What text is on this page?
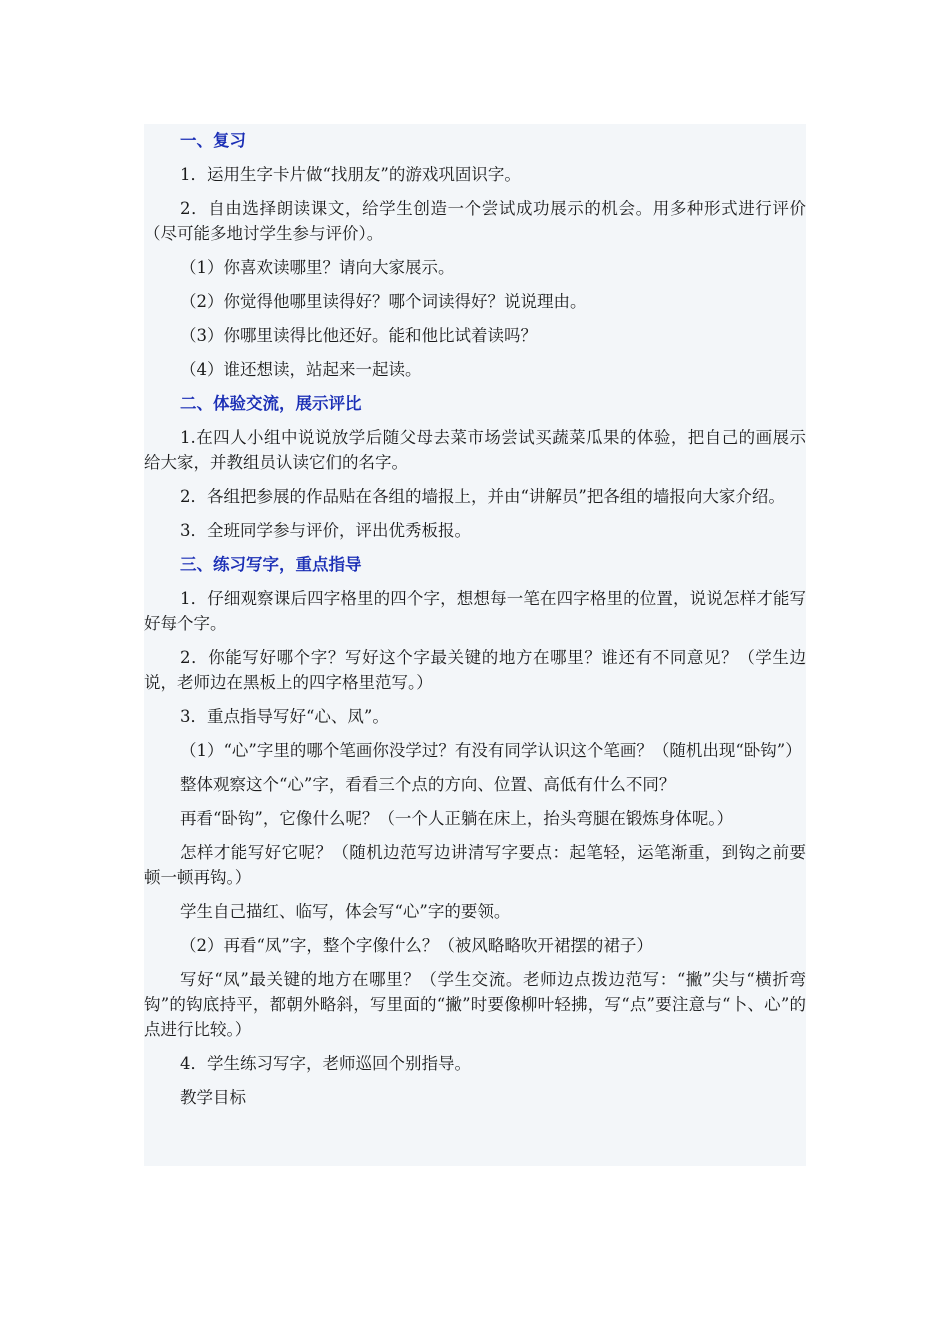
一、复习

1．运用生字卡片做“找朋友”的游戏巩固识字。

2．自由选择朗读课文，给学生创造一个尝试成功展示的机会。用多种形式进行评价（尽可能多地讨学生参与评价）。

（1）你喜欢读哪里？请向大家展示。

（2）你觉得他哪里读得好？哪个词读得好？说说理由。

（3）你哪里读得比他还好。能和他比试着读吗？

（4）谁还想读，站起来一起读。

二、体验交流，展示评比

1.在四人小组中说说放学后随父母去菜市场尝试买蔬菜瓜果的体验，把自己的画展示给大家，并教组员认读它们的名字。

2．各组把参展的作品贴在各组的墙报上，并由“讲解员”把各组的墙报向大家介绍。

3．全班同学参与评价，评出优秀板报。

三、练习写字，重点指导

1．仔细观察课后四字格里的四个字，想想每一笔在四字格里的位置，说说怎样才能写好每个字。

2．你能写好哪个字？写好这个字最关键的地方在哪里？谁还有不同意见？（学生边说，老师边在黑板上的四字格里范写。）

3．重点指导写好“心、凤”。

（1）“心”字里的哪个笔画你没学过？有没有同学认识这个笔画？（随机出现“卧钩”）

整体观察这个“心”字，看看三个点的方向、位置、高低有什么不同？

再看“卧钩”，它像什么呢？（一个人正躺在床上，抬头弯腿在锻炼身体呢。）

怎样才能写好它呢？（随机边范写边讲清写字要点：起笔轻，运笔渐重，到钩之前要顿一顿再钩。）

学生自己描红、临写，体会写“心”字的要领。

（2）再看“凤”字，整个字像什么？（被风略略吹开裙摆的裙子）

写好“凤”最关键的地方在哪里？（学生交流。老师边点拨边范写：“撇”尖与“横折弯钩”的钩底持平，都朝外略斜，写里面的“撇”时要像柳叶轻拂，写“点”要注意与“卜、心”的点进行比较。）

4．学生练习写字，老师巡回个别指导。

教学目标
